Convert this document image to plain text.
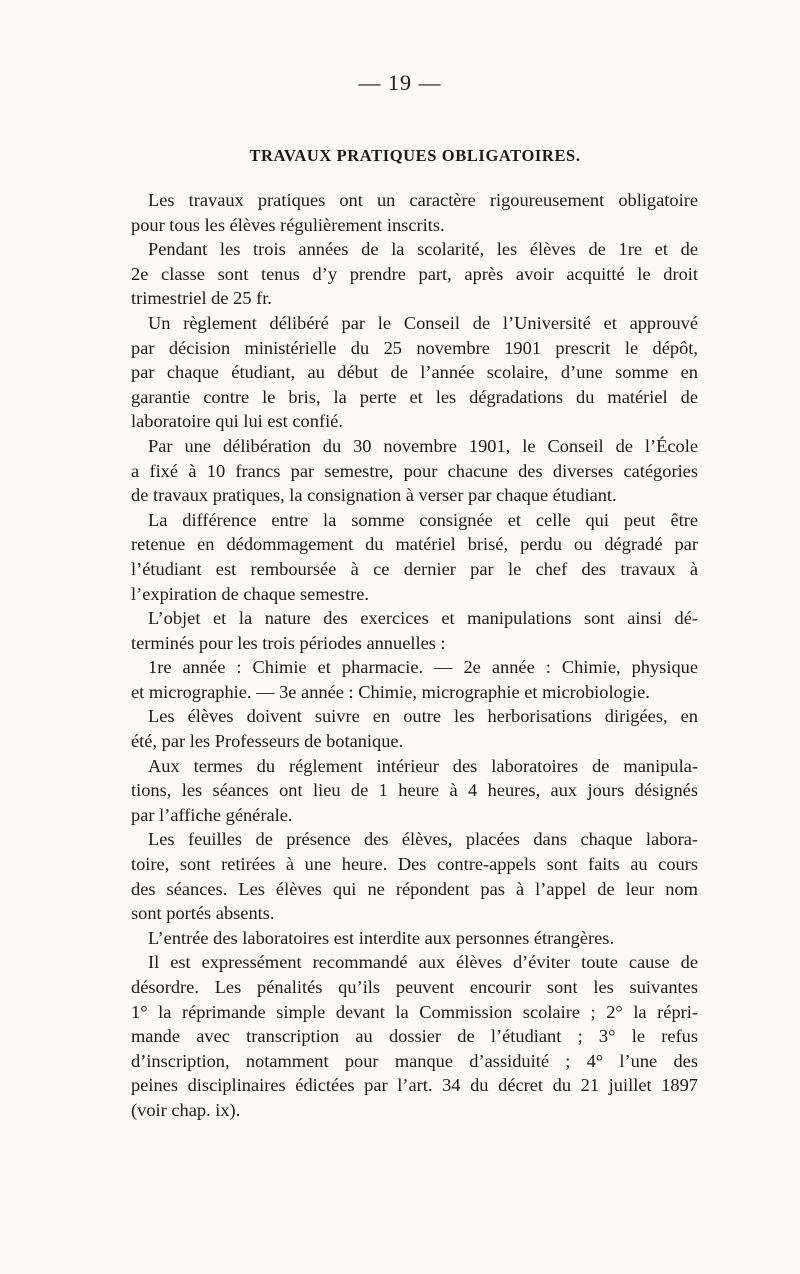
— 19 —
TRAVAUX PRATIQUES OBLIGATOIRES.
Les travaux pratiques ont un caractère rigoureusement obligatoire
pour tous les élèves régulièrement inscrits.
Pendant les trois années de la scolarité, les élèves de 1re et de
2e classe sont tenus d’y prendre part, après avoir acquitté le droit
trimestriel de 25 fr.
Un règlement délibéré par le Conseil de l’Université et approuvé
par décision ministérielle du 25 novembre 1901 prescrit le dépôt,
par chaque étudiant, au début de l’année scolaire, d’une somme en
garantie contre le bris, la perte et les dégradations du matériel de
laboratoire qui lui est confié.
Par une délibération du 30 novembre 1901, le Conseil de l’École
a fixé à 10 francs par semestre, pour chacune des diverses catégories
de travaux pratiques, la consignation à verser par chaque étudiant.
La différence entre la somme consignée et celle qui peut être
retenue en dédommagement du matériel brisé, perdu ou dégradé par
l’étudiant est remboursée à ce dernier par le chef des travaux à
l’expiration de chaque semestre.
L’objet et la nature des exercices et manipulations sont ainsi dé-
terminés pour les trois périodes annuelles :
1re année : Chimie et pharmacie. — 2e année : Chimie, physique
et micrographie. — 3e année : Chimie, micrographie et microbiologie.
Les élèves doivent suivre en outre les herborisations dirigées, en
été, par les Professeurs de botanique.
Aux termes du réglement intérieur des laboratoires de manipula-
tions, les séances ont lieu de 1 heure à 4 heures, aux jours désignés
par l’affiche générale.
Les feuilles de présence des élèves, placées dans chaque labora-
toire, sont retirées à une heure. Des contre-appels sont faits au cours
des séances. Les élèves qui ne répondent pas à l’appel de leur nom
sont portés absents.
L’entrée des laboratoires est interdite aux personnes étrangères.
Il est expressément recommandé aux élèves d’éviter toute cause de
désordre. Les pénalités qu’ils peuvent encourir sont les suivantes
1° la réprimande simple devant la Commission scolaire ; 2° la répri-
mande avec transcription au dossier de l’étudiant ; 3° le refus
d’inscription, notamment pour manque d’assiduité ; 4° l’une des
peines disciplinaires édictées par l’art. 34 du décret du 21 juillet 1897
(voir chap. ix).
